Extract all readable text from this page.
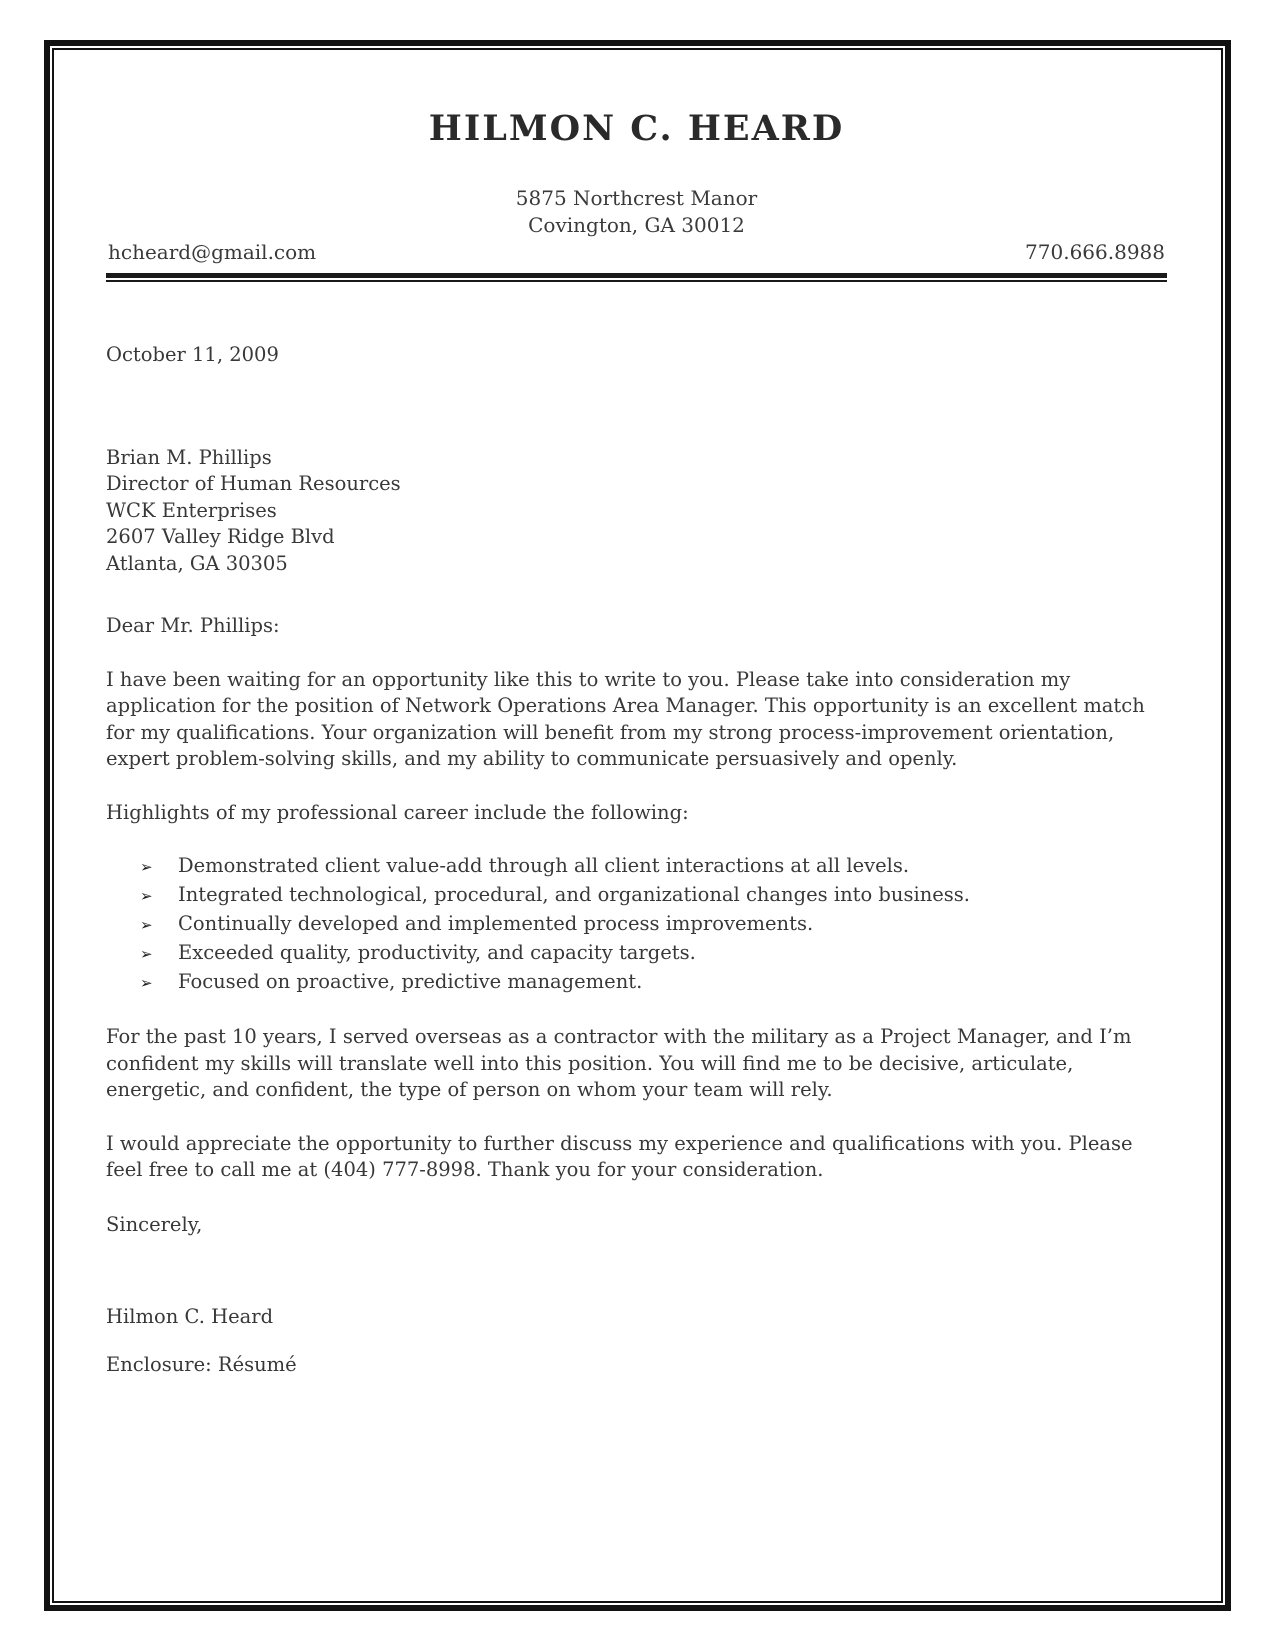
HILMON C. HEARD
5875 Northcrest Manor
Covington, GA 30012
hcheard@gmail.com	770.666.8988
October 11, 2009
Brian M. Phillips
Director of Human Resources
WCK Enterprises
2607 Valley Ridge Blvd
Atlanta, GA 30305
Dear Mr. Phillips:
I have been waiting for an opportunity like this to write to you. Please take into consideration my application for the position of Network Operations Area Manager. This opportunity is an excellent match for my qualifications. Your organization will benefit from my strong process-improvement orientation, expert problem-solving skills, and my ability to communicate persuasively and openly.
Highlights of my professional career include the following:
➢	Demonstrated client value-add through all client interactions at all levels.
➢	Integrated technological, procedural, and organizational changes into business.
➢	Continually developed and implemented process improvements.
➢	Exceeded quality, productivity, and capacity targets.
➢	Focused on proactive, predictive management.
For the past 10 years, I served overseas as a contractor with the military as a Project Manager, and I’m confident my skills will translate well into this position. You will find me to be decisive, articulate, energetic, and confident, the type of person on whom your team will rely.
I would appreciate the opportunity to further discuss my experience and qualifications with you. Please feel free to call me at (404) 777-8998. Thank you for your consideration.
Sincerely,
Hilmon C. Heard
Enclosure: Résumé
